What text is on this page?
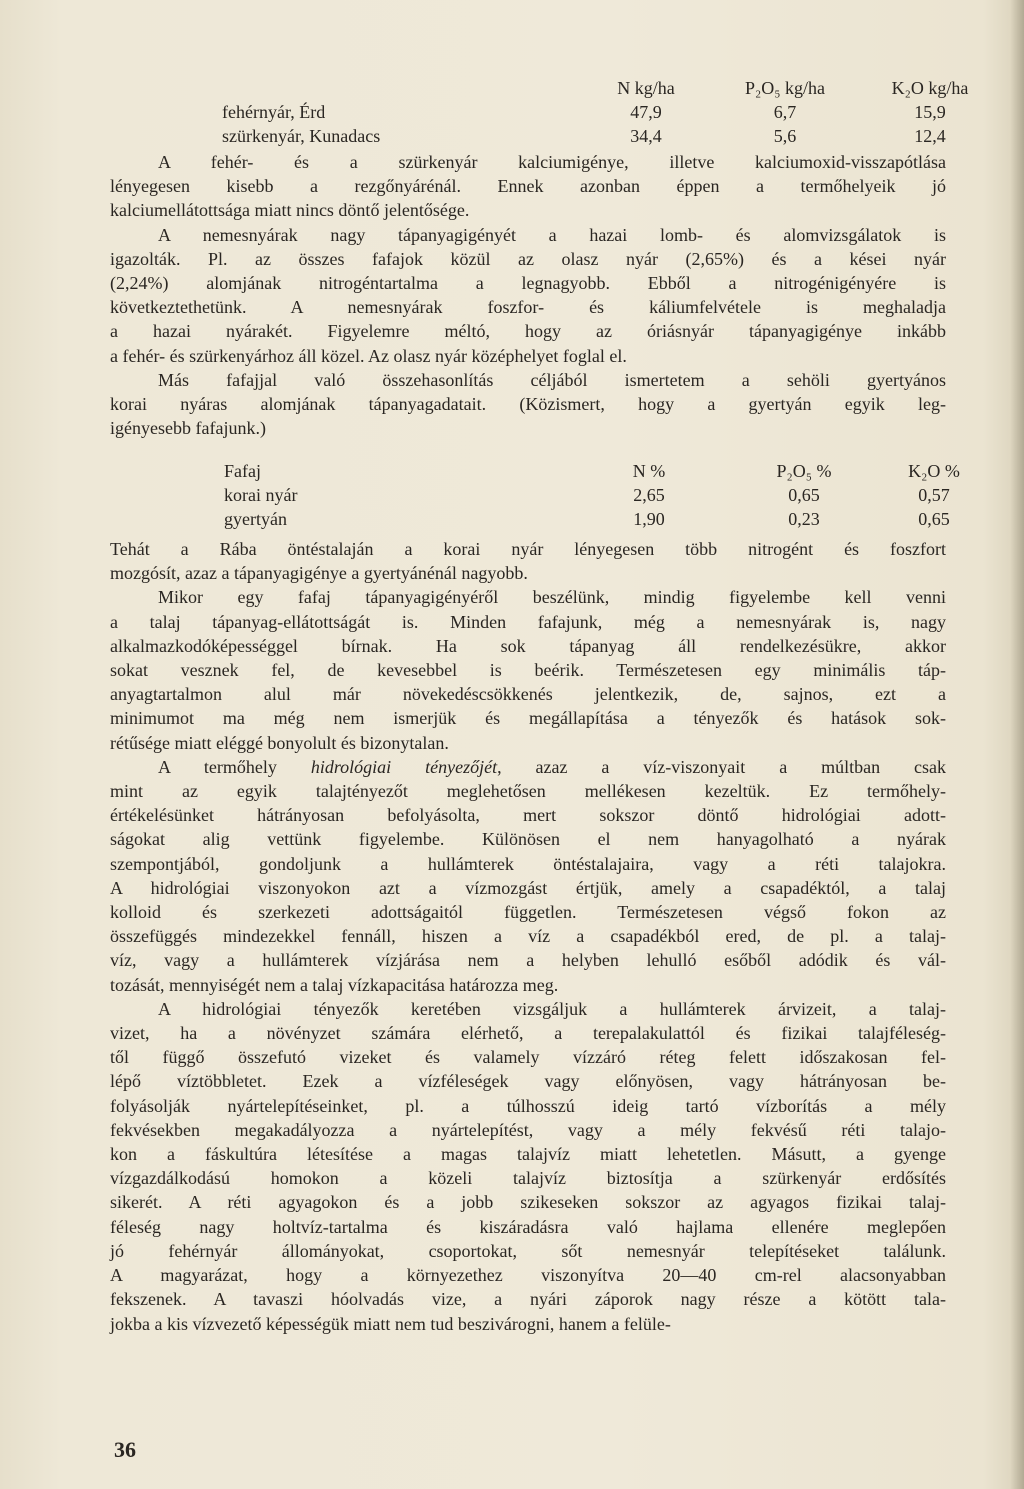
	N kg/ha	P₂O₅ kg/ha	K₂O kg/ha
fehérnyár, Érd	47,9	6,7	15,9
szürkenyár, Kunadacs	34,4	5,6	12,4
A fehér- és a szürkenyár kalciumigénye, illetve kalciumoxid-visszapótlása
lényegesen kisebb a rezgőnyárénál. Ennek azonban éppen a termőhelyeik jó
kalciumellátottsága miatt nincs döntő jelentősége.
A nemesnyárak nagy tápanyagigényét a hazai lomb- és alomvizsgálatok is
igazolták. Pl. az összes fafajok közül az olasz nyár (2,65%) és a kései nyár
(2,24%) alomjának nitrogéntartalma a legnagyobb. Ebből a nitrogénigényére is
következtethetünk. A nemesnyárak foszfor- és káliumfelvétele is meghaladja
a hazai nyárakét. Figyelemre méltó, hogy az óriásnyár tápanyagigénye inkább
a fehér- és szürkenyárhoz áll közel. Az olasz nyár középhelyet foglal el.
Más fafajjal való összehasonlítás céljából ismertetem a sehöli gyertyános
korai nyáras alomjának tápanyagadatait. (Közismert, hogy a gyertyán egyik leg-
igényesebb fafajunk.)
Fafaj	N %	P₂O₅ %	K₂O %
korai nyár	2,65	0,65	0,57
gyertyán	1,90	0,23	0,65
Tehát a Rába öntéstalaján a korai nyár lényegesen több nitrogént és foszfort
mozgósít, azaz a tápanyagigénye a gyertyánénál nagyobb.
Mikor egy fafaj tápanyagigényéről beszélünk, mindig figyelembe kell venni
a talaj tápanyag-ellátottságát is. Minden fafajunk, még a nemesnyárak is, nagy
alkalmazkodóképességgel bírnak. Ha sok tápanyag áll rendelkezésükre, akkor
sokat vesznek fel, de kevesebbel is beérik. Természetesen egy minimális táp-
anyagtartalmon alul már növekedéscsökkenés jelentkezik, de, sajnos, ezt a
minimumot ma még nem ismerjük és megállapítása a tényezők és hatások sok-
rétűsége miatt eléggé bonyolult és bizonytalan.
A termőhely hidrológiai tényezőjét, azaz a víz-viszonyait a múltban csak
mint az egyik talajtényezőt meglehetősen mellékesen kezeltük. Ez termőhely-
értékelésünket hátrányosan befolyásolta, mert sokszor döntő hidrológiai adott-
ságokat alig vettünk figyelembe. Különösen el nem hanyagolható a nyárak
szempontjából, gondoljunk a hullámterek öntéstalajaira, vagy a réti talajokra.
A hidrológiai viszonyokon azt a vízmozgást értjük, amely a csapadéktól, a talaj
kolloid és szerkezeti adottságaitól független. Természetesen végső fokon az
összefüggés mindezekkel fennáll, hiszen a víz a csapadékból ered, de pl. a talaj-
víz, vagy a hullámterek vízjárása nem a helyben lehulló esőből adódik és vál-
tozását, mennyiségét nem a talaj vízkapacitása határozza meg.
A hidrológiai tényezők keretében vizsgáljuk a hullámterek árvizeit, a talaj-
vizet, ha a növényzet számára elérhető, a terepalakulattól és fizikai talajféleség-
től függő összefutó vizeket és valamely vízzáró réteg felett időszakosan fel-
lépő víztöbbletet. Ezek a vízféleségek vagy előnyösen, vagy hátrányosan be-
folyásolják nyártelepítéseinket, pl. a túlhosszú ideig tartó vízborítás a mély
fekvésekben megakadályozza a nyártelepítést, vagy a mély fekvésű réti talajo-
kon a fáskultúra létesítése a magas talajvíz miatt lehetetlen. Másutt, a gyenge
vízgazdálkodású homokon a közeli talajvíz biztosítja a szürkenyár erdősítés
sikerét. A réti agyagokon és a jobb szikeseken sokszor az agyagos fizikai talaj-
féleség nagy holtvíz-tartalma és kiszáradásra való hajlama ellenére meglepően
jó fehérnyár állományokat, csoportokat, sőt nemesnyár telepítéseket találunk.
A magyarázat, hogy a környezethez viszonyítva 20—40 cm-rel alacsonyabban
fekszenek. A tavaszi hóolvadás vize, a nyári záporok nagy része a kötött tala-
jokba a kis vízvezető képességük miatt nem tud beszivárogni, hanem a felüle-
36
